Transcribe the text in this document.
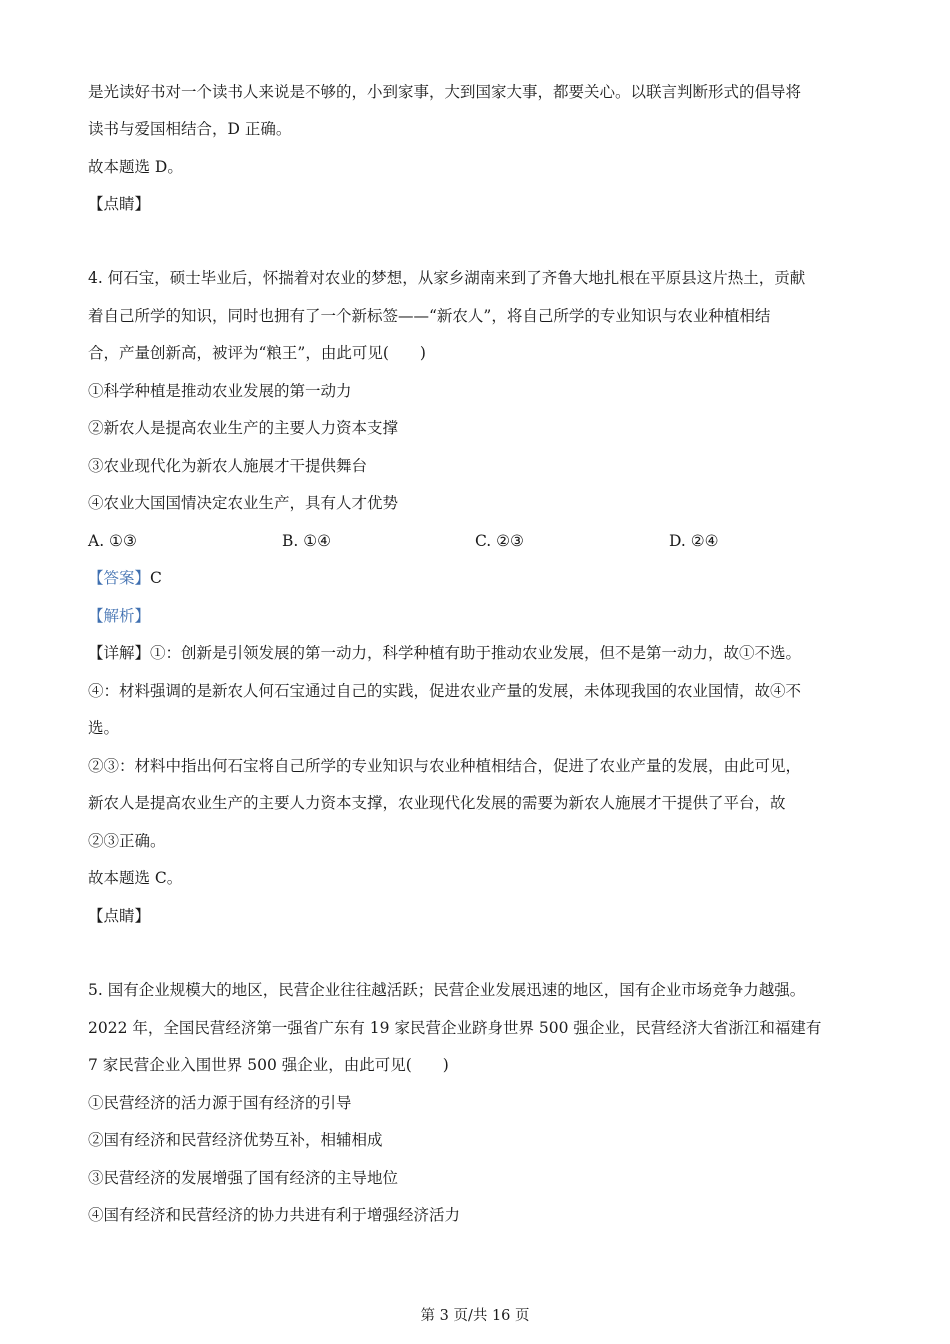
是光读好书对一个读书人来说是不够的，小到家事，大到国家大事，都要关心。以联言判断形式的倡导将
读书与爱国相结合，D 正确。
故本题选 D。
【点睛】
4. 何石宝，硕士毕业后，怀揣着对农业的梦想，从家乡湖南来到了齐鲁大地扎根在平原县这片热土，贡献
着自己所学的知识，同时也拥有了一个新标签——“新农人”，将自己所学的专业知识与农业种植相结
合，产量创新高，被评为“粮王”，由此可见(　　)
①科学种植是推动农业发展的第一动力
②新农人是提高农业生产的主要人力资本支撑
③农业现代化为新农人施展才干提供舞台
④农业大国国情决定农业生产，具有人才优势
A. ①③	B. ①④	C. ②③	D. ②④
【答案】C
【解析】
【详解】①：创新是引领发展的第一动力，科学种植有助于推动农业发展，但不是第一动力，故①不选。
④：材料强调的是新农人何石宝通过自己的实践，促进农业产量的发展，未体现我国的农业国情，故④不
选。
②③：材料中指出何石宝将自己所学的专业知识与农业种植相结合，促进了农业产量的发展，由此可见，
新农人是提高农业生产的主要人力资本支撑，农业现代化发展的需要为新农人施展才干提供了平台，故
②③正确。
故本题选 C。
【点睛】
5. 国有企业规模大的地区，民营企业往往越活跃；民营企业发展迅速的地区，国有企业市场竞争力越强。
2022 年，全国民营经济第一强省广东有 19 家民营企业跻身世界 500 强企业，民营经济大省浙江和福建有
7 家民营企业入围世界 500 强企业，由此可见(　　)
①民营经济的活力源于国有经济的引导
②国有经济和民营经济优势互补，相辅相成
③民营经济的发展增强了国有经济的主导地位
④国有经济和民营经济的协力共进有利于增强经济活力
第 3 页/共 16 页
